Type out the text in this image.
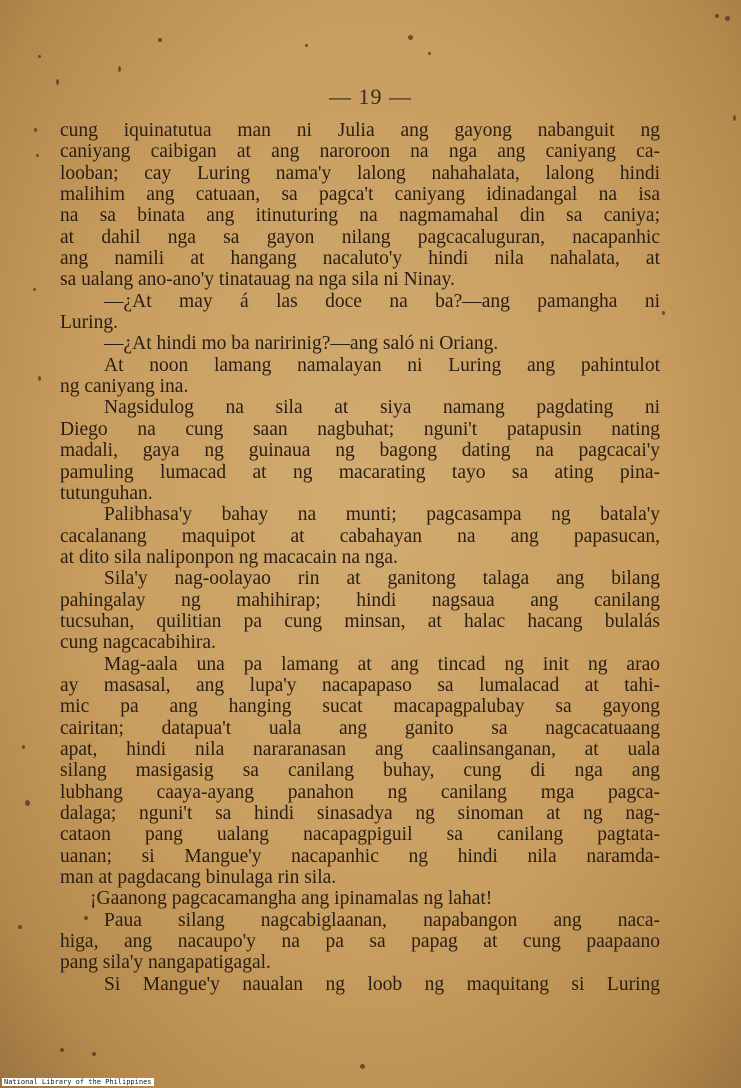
— 19 —
cung iquinatutua man ni Julia ang gayong nabanguit ng
caniyang caibigan at ang naroroon na nga ang caniyang ca-
looban; cay Luring nama'y lalong nahahalata, lalong hindi
malihim ang catuaan, sa pagca't caniyang idinadangal na isa
na sa binata ang itinuturing na nagmamahal din sa caniya;
at dahil nga sa gayon nilang pagcacaluguran, nacapanhic
ang namili at hangang nacaluto'y hindi nila nahalata, at
sa ualang ano-ano'y tinatauag na nga sila ni Ninay.
—¿At may á las doce na ba?—ang pamangha ni
Luring.
—¿At hindi mo ba naririnig?—ang saló ni Oriang.
At noon lamang namalayan ni Luring ang pahintulot
ng caniyang ina.
Nagsidulog na sila at siya namang pagdating ni
Diego na cung saan nagbuhat; nguni't patapusin nating
madali, gaya ng guinaua ng bagong dating na pagcacai'y
pamuling lumacad at ng macarating tayo sa ating pina-
tutunguhan.
Palibhasa'y bahay na munti; pagcasampa ng batala'y
cacalanang maquipot at cabahayan na ang papasucan,
at dito sila naliponpon ng macacain na nga.
Sila'y nag-oolayao rin at ganitong talaga ang bilang
pahingalay ng mahihirap; hindi nagsaua ang canilang
tucsuhan, quilitian pa cung minsan, at halac hacang bulalás
cung nagcacabihira.
Mag-aala una pa lamang at ang tincad ng init ng arao
ay masasal, ang lupa'y nacapapaso sa lumalacad at tahi-
mic pa ang hanging sucat macapagpalubay sa gayong
cairitan; datapua't uala ang ganito sa nagcacatuaang
apat, hindi nila nararanasan ang caalinsanganan, at uala
silang masigasig sa canilang buhay, cung di nga ang
lubhang caaya-ayang panahon ng canilang mga pagca-
dalaga; nguni't sa hindi sinasadya ng sinoman at ng nag-
cataon pang ualang nacapagpiguil sa canilang pagtata-
uanan; si Mangue'y nacapanhic ng hindi nila naramda-
man at pagdacang binulaga rin sila.
¡Gaanong pagcacamangha ang ipinamalas ng lahat!
Paua silang nagcabiglaanan, napabangon ang naca-
higa, ang nacaupo'y na pa sa papag at cung paapaano
pang sila'y nangapatigagal.
Si Mangue'y naualan ng loob ng maquitang si Luring
National Library of the Philippines
